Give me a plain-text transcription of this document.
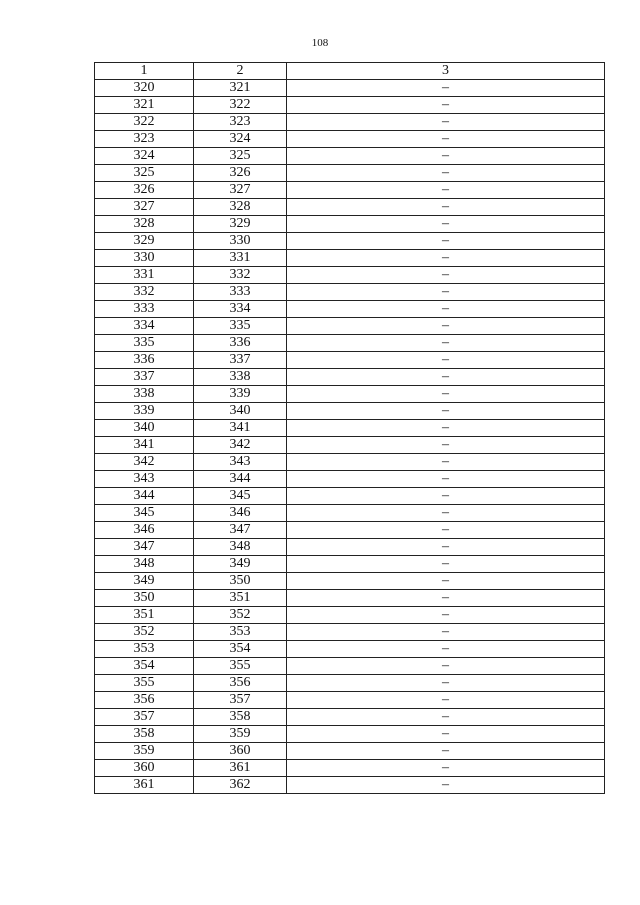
108
1	2	3
320	321	–
321	322	–
322	323	–
323	324	–
324	325	–
325	326	–
326	327	–
327	328	–
328	329	–
329	330	–
330	331	–
331	332	–
332	333	–
333	334	–
334	335	–
335	336	–
336	337	–
337	338	–
338	339	–
339	340	–
340	341	–
341	342	–
342	343	–
343	344	–
344	345	–
345	346	–
346	347	–
347	348	–
348	349	–
349	350	–
350	351	–
351	352	–
352	353	–
353	354	–
354	355	–
355	356	–
356	357	–
357	358	–
358	359	–
359	360	–
360	361	–
361	362	–
